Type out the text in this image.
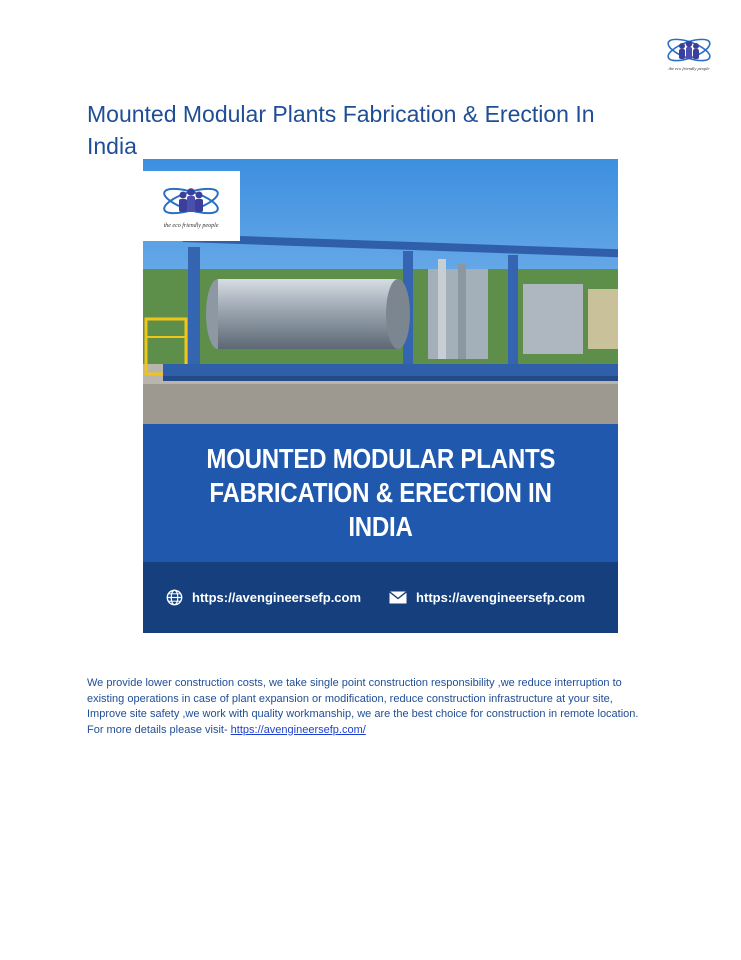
the eco friendly people
Mounted Modular Plants Fabrication & Erection In India
the eco friendly people
MOUNTED MODULAR PLANTS
FABRICATION & ERECTION IN INDIA
https://avengineersefp.com	https://avengineersefp.com

We provide lower construction costs, we take single point construction responsibility ,we reduce interruption to existing operations in case of plant expansion or modification, reduce construction infrastructure at your site, Improve site safety ,we work with quality workmanship, we are the best choice for construction in remote location. For more details please visit- https://avengineersefp.com/
